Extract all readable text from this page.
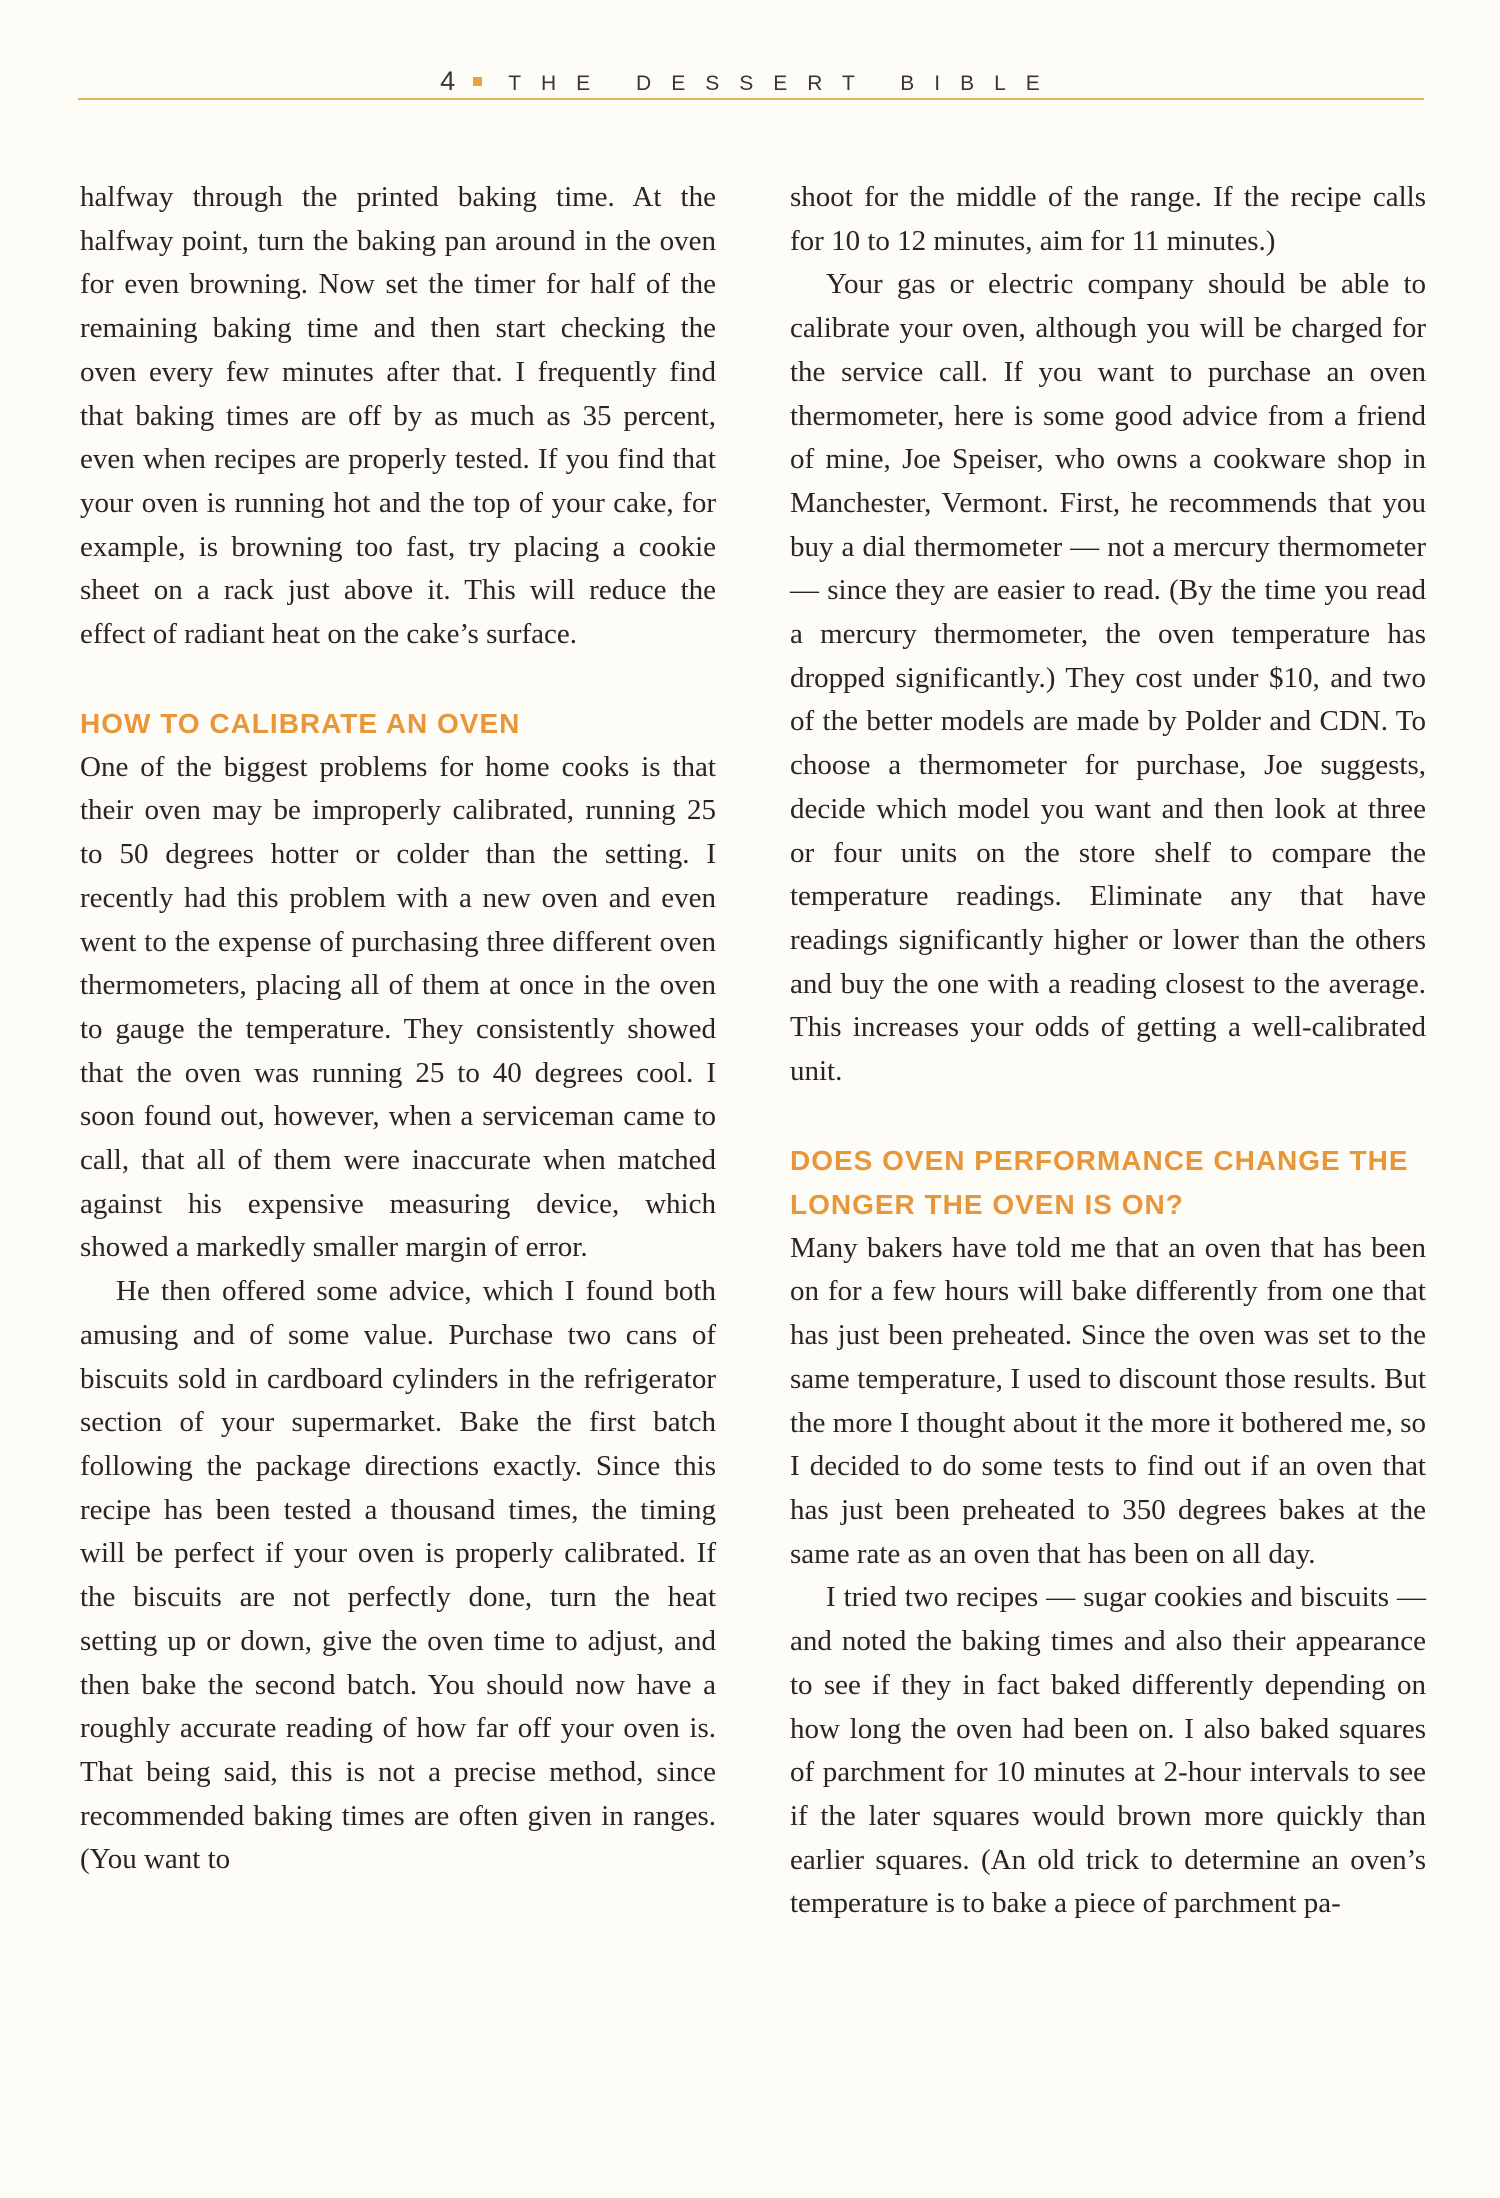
4	THE DESSERT BIBLE

halfway through the printed baking time. At the halfway point, turn the baking pan around in the oven for even browning. Now set the timer for half of the remaining baking time and then start checking the oven every few minutes after that. I frequently find that baking times are off by as much as 35 percent, even when recipes are properly tested. If you find that your oven is running hot and the top of your cake, for example, is browning too fast, try placing a cookie sheet on a rack just above it. This will reduce the effect of radiant heat on the cake’s surface.

HOW TO CALIBRATE AN OVEN

One of the biggest problems for home cooks is that their oven may be improperly calibrated, running 25 to 50 degrees hotter or colder than the setting. I recently had this problem with a new oven and even went to the expense of purchasing three different oven thermometers, placing all of them at once in the oven to gauge the temperature. They consistently showed that the oven was running 25 to 40 degrees cool. I soon found out, however, when a serviceman came to call, that all of them were inaccurate when matched against his expensive measuring device, which showed a markedly smaller margin of error.

He then offered some advice, which I found both amusing and of some value. Purchase two cans of biscuits sold in cardboard cylinders in the refrigerator section of your supermarket. Bake the first batch following the package directions exactly. Since this recipe has been tested a thousand times, the timing will be perfect if your oven is properly calibrated. If the biscuits are not perfectly done, turn the heat setting up or down, give the oven time to adjust, and then bake the second batch. You should now have a roughly accurate reading of how far off your oven is. That being said, this is not a precise method, since recommended baking times are often given in ranges. (You want to

shoot for the middle of the range. If the recipe calls for 10 to 12 minutes, aim for 11 minutes.)

Your gas or electric company should be able to calibrate your oven, although you will be charged for the service call. If you want to purchase an oven thermometer, here is some good advice from a friend of mine, Joe Speiser, who owns a cookware shop in Manchester, Vermont. First, he recommends that you buy a dial thermometer — not a mercury thermometer — since they are easier to read. (By the time you read a mercury thermometer, the oven temperature has dropped significantly.) They cost under $10, and two of the better models are made by Polder and CDN. To choose a thermometer for purchase, Joe suggests, decide which model you want and then look at three or four units on the store shelf to compare the temperature readings. Eliminate any that have readings significantly higher or lower than the others and buy the one with a reading closest to the average. This increases your odds of getting a well-calibrated unit.

DOES OVEN PERFORMANCE CHANGE THE LONGER THE OVEN IS ON?

Many bakers have told me that an oven that has been on for a few hours will bake differently from one that has just been preheated. Since the oven was set to the same temperature, I used to discount those results. But the more I thought about it the more it bothered me, so I decided to do some tests to find out if an oven that has just been preheated to 350 degrees bakes at the same rate as an oven that has been on all day.

I tried two recipes — sugar cookies and biscuits — and noted the baking times and also their appearance to see if they in fact baked differently depending on how long the oven had been on. I also baked squares of parchment for 10 minutes at 2-hour intervals to see if the later squares would brown more quickly than earlier squares. (An old trick to determine an oven’s temperature is to bake a piece of parchment pa-
